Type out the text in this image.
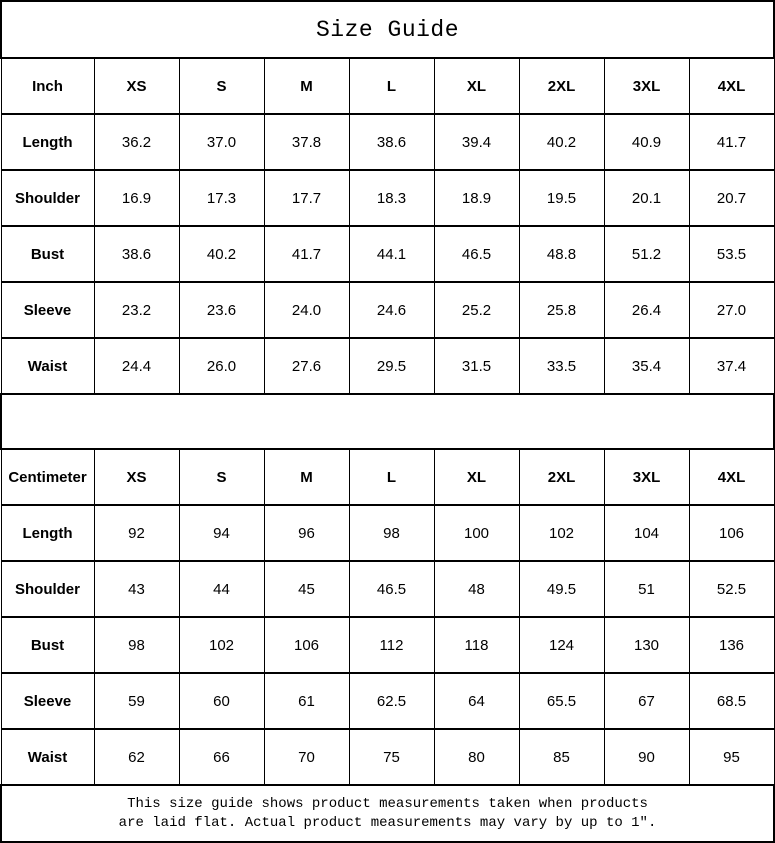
Size Guide								
Inch	XS	S	M	L	XL	2XL	3XL	4XL
Length	36.2	37.0	37.8	38.6	39.4	40.2	40.9	41.7
Shoulder	16.9	17.3	17.7	18.3	18.9	19.5	20.1	20.7
Bust	38.6	40.2	41.7	44.1	46.5	48.8	51.2	53.5
Sleeve	23.2	23.6	24.0	24.6	25.2	25.8	26.4	27.0
Waist	24.4	26.0	27.6	29.5	31.5	33.5	35.4	37.4

Centimeter	XS	S	M	L	XL	2XL	3XL	4XL
Length	92	94	96	98	100	102	104	106
Shoulder	43	44	45	46.5	48	49.5	51	52.5
Bust	98	102	106	112	118	124	130	136
Sleeve	59	60	61	62.5	64	65.5	67	68.5
Waist	62	66	70	75	80	85	90	95

This size guide shows product measurements taken when products
are laid flat. Actual product measurements may vary by up to 1″.								
